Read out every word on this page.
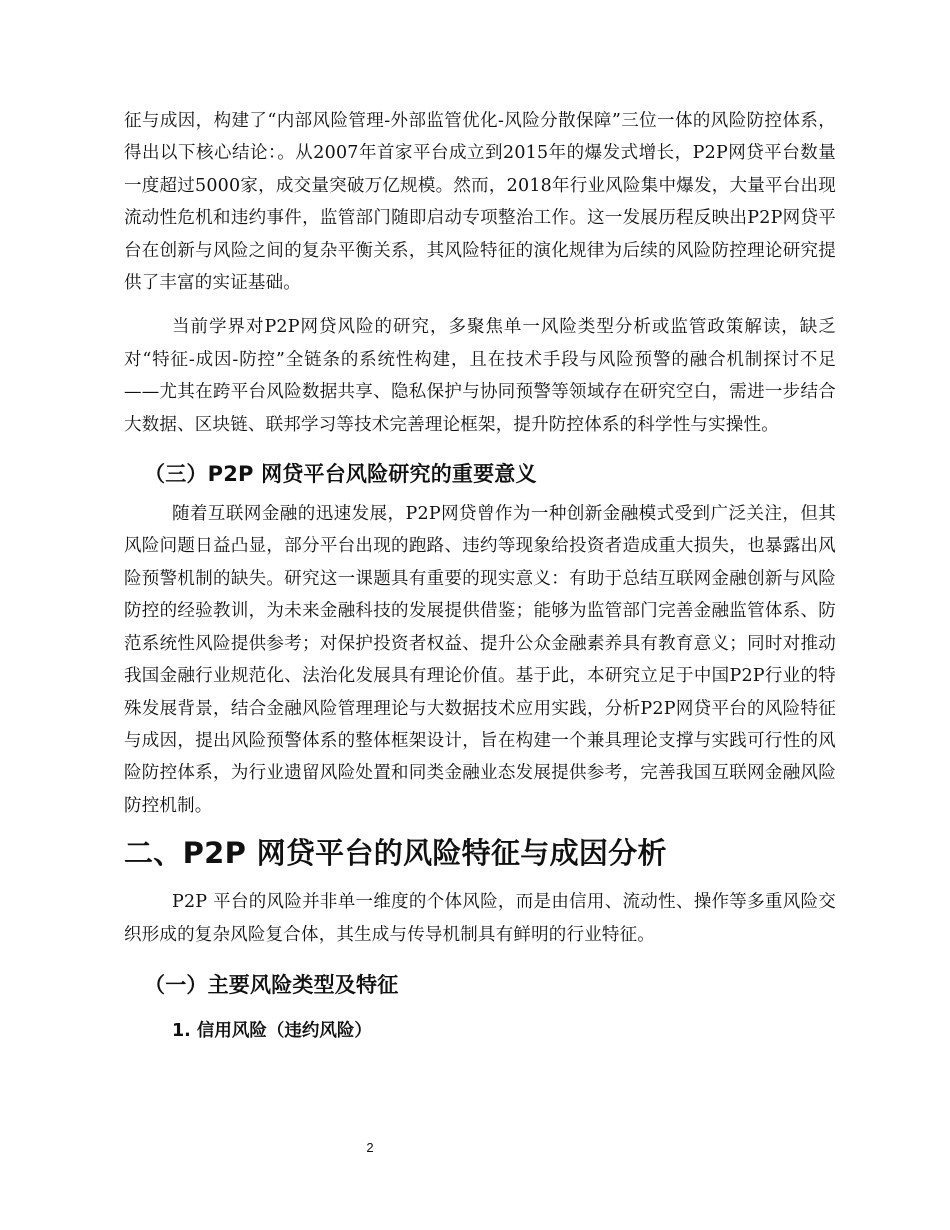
征与成因，构建了“内部风险管理-外部监管优化-风险分散保障”三位一体的风险防控体系，得出以下核心结论：。从2007年首家平台成立到2015年的爆发式增长，P2P网贷平台数量一度超过5000家，成交量突破万亿规模。然而，2018年行业风险集中爆发，大量平台出现流动性危机和违约事件，监管部门随即启动专项整治工作。这一发展历程反映出P2P网贷平台在创新与风险之间的复杂平衡关系，其风险特征的演化规律为后续的风险防控理论研究提供了丰富的实证基础。

当前学界对P2P网贷风险的研究，多聚焦单一风险类型分析或监管政策解读，缺乏对“特征-成因-防控”全链条的系统性构建，且在技术手段与风险预警的融合机制探讨不足——尤其在跨平台风险数据共享、隐私保护与协同预警等领域存在研究空白，需进一步结合大数据、区块链、联邦学习等技术完善理论框架，提升防控体系的科学性与实操性。

（三）P2P 网贷平台风险研究的重要意义

随着互联网金融的迅速发展，P2P网贷曾作为一种创新金融模式受到广泛关注，但其风险问题日益凸显，部分平台出现的跑路、违约等现象给投资者造成重大损失，也暴露出风险预警机制的缺失。研究这一课题具有重要的现实意义：有助于总结互联网金融创新与风险防控的经验教训，为未来金融科技的发展提供借鉴；能够为监管部门完善金融监管体系、防范系统性风险提供参考；对保护投资者权益、提升公众金融素养具有教育意义；同时对推动我国金融行业规范化、法治化发展具有理论价值。基于此，本研究立足于中国P2P行业的特殊发展背景，结合金融风险管理理论与大数据技术应用实践，分析P2P网贷平台的风险特征与成因，提出风险预警体系的整体框架设计，旨在构建一个兼具理论支撑与实践可行性的风险防控体系，为行业遗留风险处置和同类金融业态发展提供参考，完善我国互联网金融风险防控机制。

二、P2P 网贷平台的风险特征与成因分析

P2P 平台的风险并非单一维度的个体风险，而是由信用、流动性、操作等多重风险交织形成的复杂风险复合体，其生成与传导机制具有鲜明的行业特征。

（一）主要风险类型及特征
1. 信用风险（违约风险）
2
